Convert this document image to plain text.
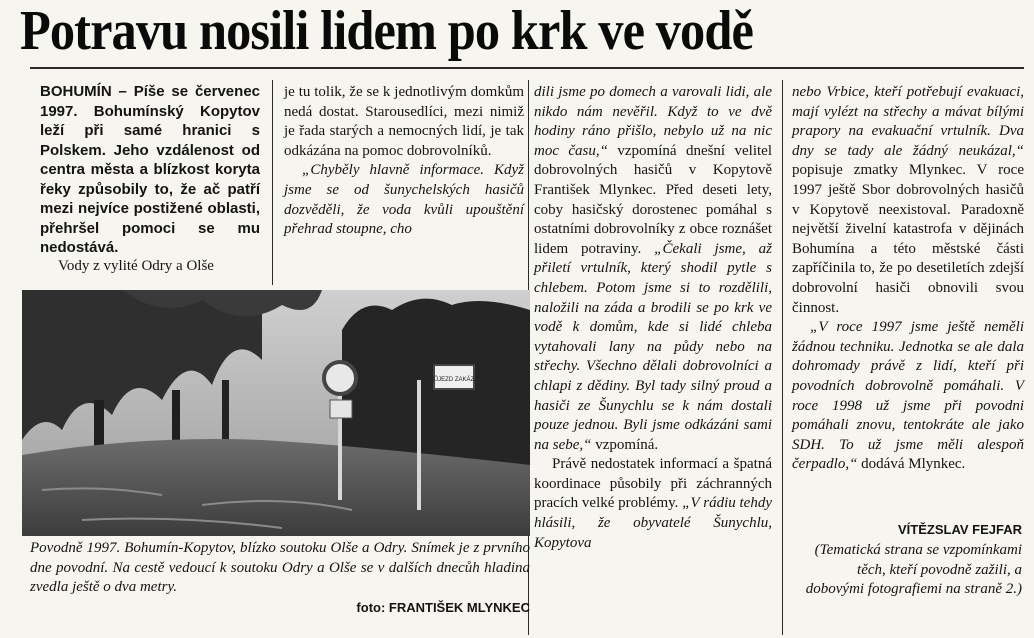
Potravu nosili lidem po krk ve vodě
BOHUMÍN – Píše se červenec 1997. Bohumínský Kopytov leží při samé hranici s Polskem. Jeho vzdálenost od centra města a blízkost koryta řeky způsobily to, že ač patří mezi nejvíce postižené oblasti, přehršel pomoci se mu nedostává.

Vody z vylité Odry a Olše

je tu tolik, že se k jednotlivým domkům nedá dostat. Starousedlíci, mezi nimiž je řada starých a nemocných lidí, je tak odkázána na pomoc dobrovolníků.

„Chyběly hlavně informace. Když jsme se od šunychelských hasičů dozvěděli, že voda kvůli upouštění přehrad stoupne, cho

dili jsme po domech a varovali lidi, ale nikdo nám nevěřil. Když to ve dvě hodiny ráno přišlo, nebylo už na nic moc času,“ vzpomíná dnešní velitel dobrovolných hasičů v Kopytově František Mlynkec. Před deseti lety, coby hasičský dorostenec pomáhal s ostatními dobrovolníky z obce roznášet lidem potraviny. „Čekali jsme, až přiletí vrtulník, který shodil pytle s chlebem. Potom jsme si to rozdělili, naložili na záda a brodili se po krk ve vodě k domům, kde si lidé chleba vytahovali lany na půdy nebo na střechy. Všechno dělali dobrovolníci a chlapi z dědiny. Byl tady silný proud a hasiči ze Šunychlu se k nám dostali pouze jednou. Byli jsme odkázáni sami na sebe,“ vzpomíná.

Právě nedostatek informací a špatná koordinace působily při záchranných pracích velké problémy. „V rádiu tehdy hlásili, že obyvatelé Šunychlu, Kopytova

nebo Vrbice, kteří potřebují evakuaci, mají vylézt na střechy a mávat bílými prapory na evakuační vrtulník. Dva dny se tady ale žádný neukázal,“ popisuje zmatky Mlynkec. V roce 1997 ještě Sbor dobrovolných hasičů v Kopytově neexistoval. Paradoxně největší živelní katastrofa v dějinách Bohumína a této městské části zapříčinila to, že po desetiletích zdejší dobrovolní hasiči obnovili svou činnost.

„V roce 1997 jsme ještě neměli žádnou techniku. Jednotka se ale dala dohromady právě z lidí, kteří při povodních dobrovolně pomáhali. V roce 1998 už jsme při povodni pomáhali znovu, tentokráte ale jako SDH. To už jsme měli alespoň čerpadlo,“ dodává Mlynkec.

PRŮJEZD ZAKÁZÁN
Povodně 1997. Bohumín-Kopytov, blízko soutoku Olše a Odry. Snímek je z prvního dne povodní. Na cestě vedoucí k soutoku Odry a Olše se v dalších dnecůh hladina zvedla ještě o dva metry.
foto: FRANTIŠEK MLYNKEC
VÍTĚZSLAV FEJFAR
(Tematická strana se vzpomínkami těch, kteří povodně zažili, a dobovými fotografiemi na straně 2.)
